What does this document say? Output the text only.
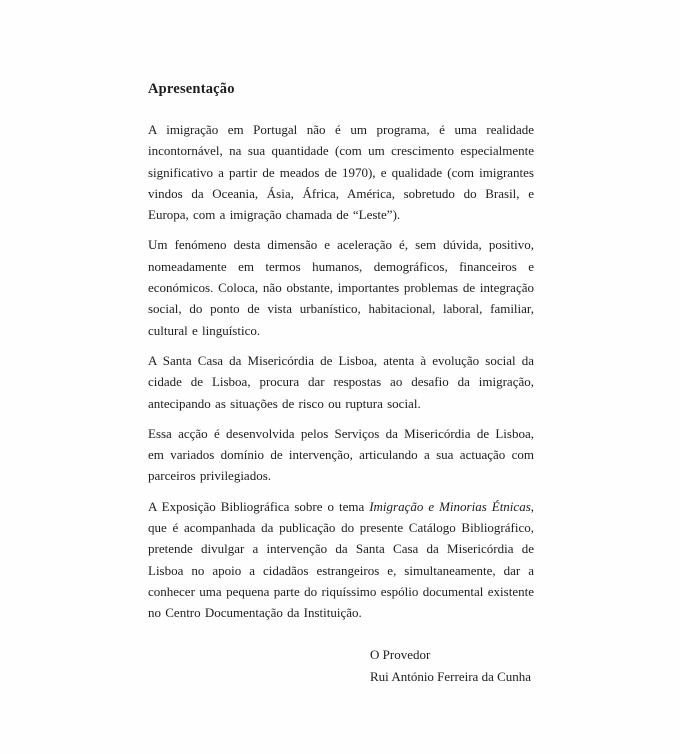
Apresentação

A imigração em Portugal não é um programa, é uma realidade incontornável, na sua quantidade (com um crescimento especialmente significativo a partir de meados de 1970), e qualidade (com imigrantes vindos da Oceania, Ásia, África, América, sobretudo do Brasil, e Europa, com a imigração chamada de “Leste”).

Um fenómeno desta dimensão e aceleração é, sem dúvida, positivo, nomeadamente em termos humanos, demográficos, financeiros e económicos. Coloca, não obstante, importantes problemas de integração social, do ponto de vista urbanístico, habitacional, laboral, familiar, cultural e linguístico.

A Santa Casa da Misericórdia de Lisboa, atenta à evolução social da cidade de Lisboa, procura dar respostas ao desafio da imigração, antecipando as situações de risco ou ruptura social.

Essa acção é desenvolvida pelos Serviços da Misericórdia de Lisboa, em variados domínio de intervenção, articulando a sua actuação com parceiros privilegiados.

A Exposição Bibliográfica sobre o tema Imigração e Minorias Étnicas, que é acompanhada da publicação do presente Catálogo Bibliográfico, pretende divulgar a intervenção da Santa Casa da Misericórdia de Lisboa no apoio a cidadãos estrangeiros e, simultaneamente, dar a conhecer uma pequena parte do riquíssimo espólio documental existente no Centro Documentação da Instituição.

O Provedor
Rui António Ferreira da Cunha
